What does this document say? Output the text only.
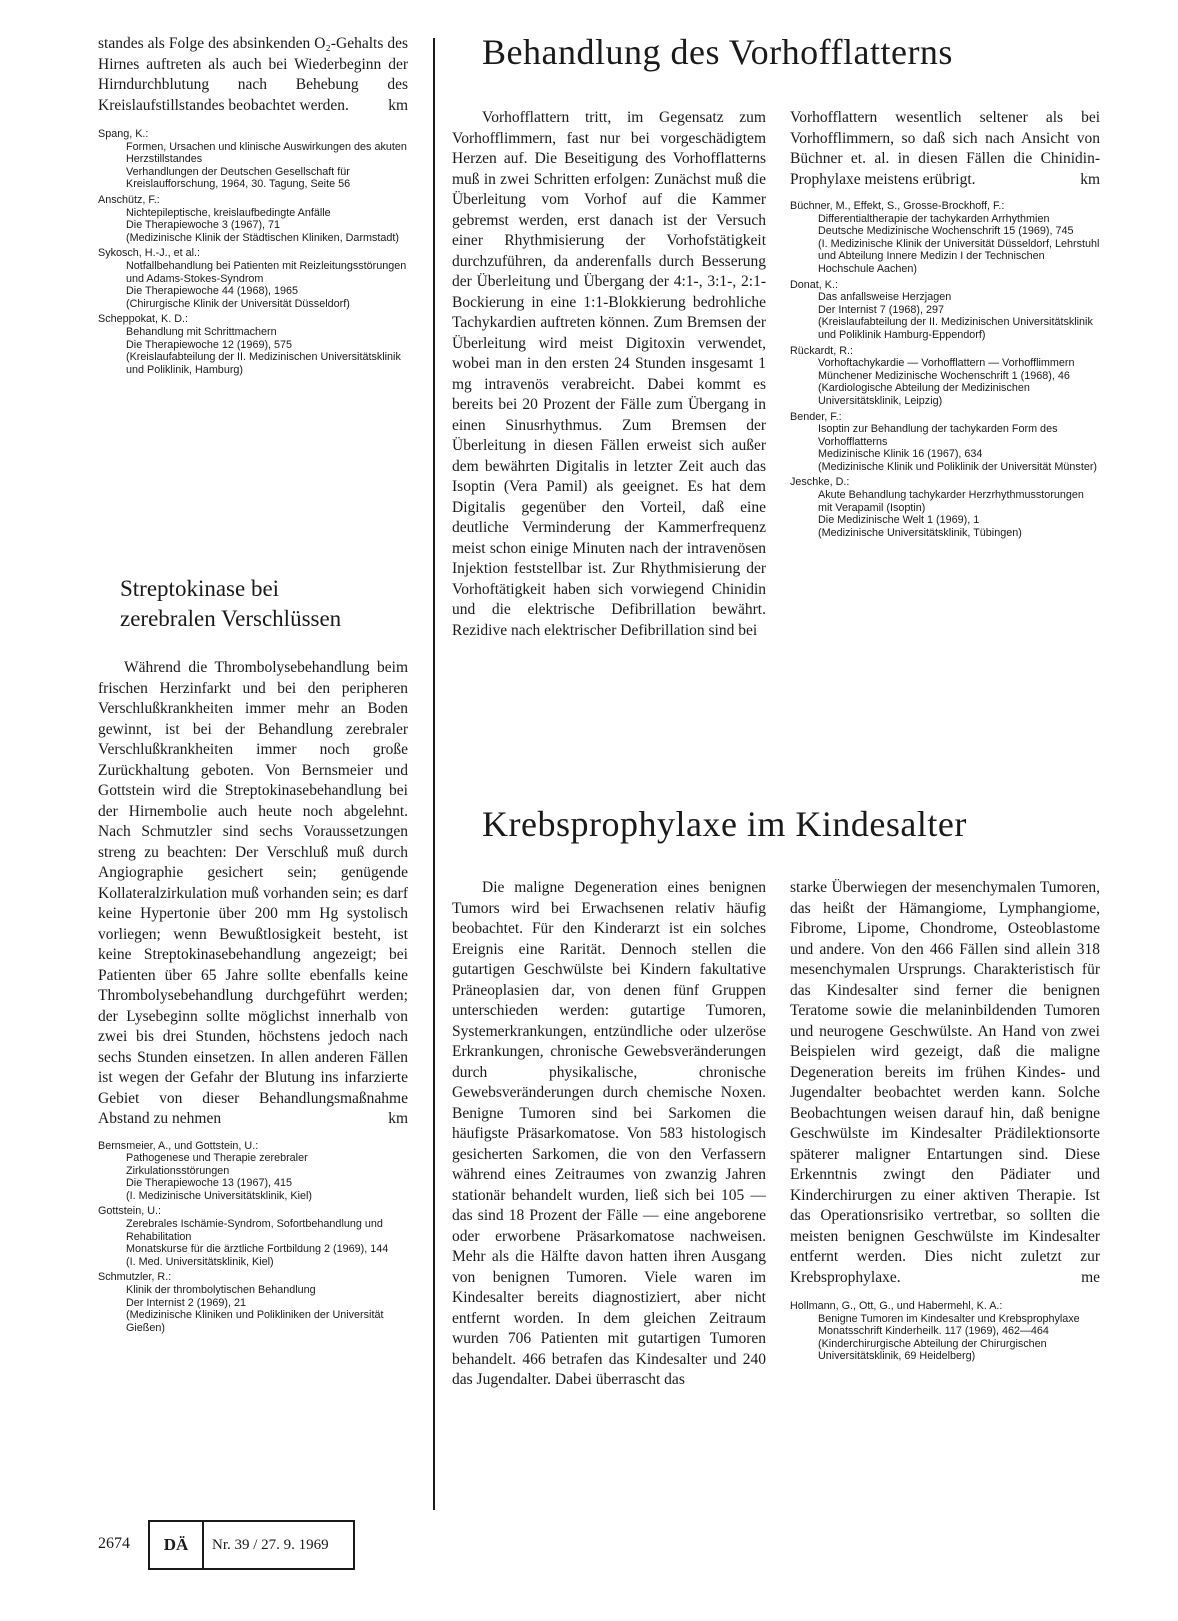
standes als Folge des absinkenden O₂-Gehalts des Hirnes auftreten als auch bei Wiederbeginn der Hirndurchblutung nach Behebung des Kreislaufstillstandes beobachtet werden.	km

Spang, K.:

Formen, Ursachen und klinische Auswirkungen des akuten Herzstillstandes

Verhandlungen der Deutschen Gesellschaft für Kreislaufforschung, 1964, 30. Tagung, Seite 56

Anschütz, F.:

Nichtepileptische, kreislaufbedingte Anfälle

Die Therapiewoche 3 (1967), 71

(Medizinische Klinik der Städtischen Kliniken, Darmstadt)

Sykosch, H.-J., et al.:

Notfallbehandlung bei Patienten mit Reizleitungsstörungen und Adams-Stokes-Syndrom

Die Therapiewoche 44 (1968), 1965

(Chirurgische Klinik der Universität Düsseldorf)

Scheppokat, K. D.:

Behandlung mit Schrittmachern

Die Therapiewoche 12 (1969), 575

(Kreislaufabteilung der II. Medizinischen Universitätsklinik und Poliklinik, Hamburg)

Streptokinase bei
zerebralen Verschlüssen

Während die Thrombolysebehandlung beim frischen Herzinfarkt und bei den peripheren Verschlußkrankheiten immer mehr an Boden gewinnt, ist bei der Behandlung zerebraler Verschlußkrankheiten immer noch große Zurückhaltung geboten. Von Bernsmeier und Gottstein wird die Streptokinasebehandlung bei der Hirnembolie auch heute noch abgelehnt. Nach Schmutzler sind sechs Voraussetzungen streng zu beachten: Der Verschluß muß durch Angiographie gesichert sein; genügende Kollateralzirkulation muß vorhanden sein; es darf keine Hypertonie über 200 mm Hg systolisch vorliegen; wenn Bewußtlosigkeit besteht, ist keine Streptokinasebehandlung angezeigt; bei Patienten über 65 Jahre sollte ebenfalls keine Thrombolysebehandlung durchgeführt werden; der Lysebeginn sollte möglichst innerhalb von zwei bis drei Stunden, höchstens jedoch nach sechs Stunden einsetzen. In allen anderen Fällen ist wegen der Gefahr der Blutung ins infarzierte Gebiet von dieser Behandlungsmaßnahme Abstand zu nehmen	km

Bernsmeier, A., und Gottstein, U.:

Pathogenese und Therapie zerebraler Zirkulationsstörungen

Die Therapiewoche 13 (1967), 415

(I. Medizinische Universitätsklinik, Kiel)

Gottstein, U.:

Zerebrales Ischämie-Syndrom, Sofortbehandlung und Rehabilitation

Monatskurse für die ärztliche Fortbildung 2 (1969), 144

(I. Med. Universitätsklinik, Kiel)

Schmutzler, R.:

Klinik der thrombolytischen Behandlung

Der Internist 2 (1969), 21

(Medizinische Kliniken und Polikliniken der Universität Gießen)

Behandlung des Vorhofflatterns

Vorhofflattern tritt, im Gegensatz zum Vorhofflimmern, fast nur bei vorgeschädigtem Herzen auf. Die Beseitigung des Vorhofflatterns muß in zwei Schritten erfolgen: Zunächst muß die Überleitung vom Vorhof auf die Kammer gebremst werden, erst danach ist der Versuch einer Rhythmisierung der Vorhofstätigkeit durchzuführen, da anderenfalls durch Besserung der Überleitung und Übergang der 4:1-, 3:1-, 2:1-Bockierung in eine 1:1-Blokkierung bedrohliche Tachykardien auftreten können. Zum Bremsen der Überleitung wird meist Digitoxin verwendet, wobei man in den ersten 24 Stunden insgesamt 1 mg intravenös verabreicht. Dabei kommt es bereits bei 20 Prozent der Fälle zum Übergang in einen Sinusrhythmus. Zum Bremsen der Überleitung in diesen Fällen erweist sich außer dem bewährten Digitalis in letzter Zeit auch das Isoptin (Vera Pamil) als geeignet. Es hat dem Digitalis gegenüber den Vorteil, daß eine deutliche Verminderung der Kammerfrequenz meist schon einige Minuten nach der intravenösen Injektion feststellbar ist. Zur Rhythmisierung der Vorhoftätigkeit haben sich vorwiegend Chinidin und die elektrische Defibrillation bewährt. Rezidive nach elektrischer Defibrillation sind bei

Vorhofflattern wesentlich seltener als bei Vorhofflimmern, so daß sich nach Ansicht von Büchner et. al. in diesen Fällen die Chinidin-Prophylaxe meistens erübrigt.	km

Büchner, M., Effekt, S., Grosse-Brockhoff, F.:

Differentialtherapie der tachykarden Arrhythmien

Deutsche Medizinische Wochenschrift 15 (1969), 745

(I. Medizinische Klinik der Universität Düsseldorf, Lehrstuhl und Abteilung Innere Medizin I der Technischen Hochschule Aachen)

Donat, K.:

Das anfallsweise Herzjagen

Der Internist 7 (1968), 297

(Kreislaufabteilung der II. Medizinischen Universitätsklinik und Poliklinik Hamburg-Eppendorf)

Rückardt, R.:

Vorhoftachykardie — Vorhofflattern — Vorhofflimmern

Münchener Medizinische Wochenschrift 1 (1968), 46

(Kardiologische Abteilung der Medizinischen Universitätsklinik, Leipzig)

Bender, F.:

Isoptin zur Behandlung der tachykarden Form des Vorhofflatterns

Medizinische Klinik 16 (1967), 634

(Medizinische Klinik und Poliklinik der Universität Münster)

Jeschke, D.:

Akute Behandlung tachykarder Herzrhythmusstorungen mit Verapamil (Isoptin)

Die Medizinische Welt 1 (1969), 1

(Medizinische Universitätsklinik, Tübingen)

Krebsprophylaxe im Kindesalter

Die maligne Degeneration eines benignen Tumors wird bei Erwachsenen relativ häufig beobachtet. Für den Kinderarzt ist ein solches Ereignis eine Rarität. Dennoch stellen die gutartigen Geschwülste bei Kindern fakultative Präneoplasien dar, von denen fünf Gruppen unterschieden werden: gutartige Tumoren, Systemerkrankungen, entzündliche oder ulzeröse Erkrankungen, chronische Gewebsveränderungen durch physikalische, chronische Gewebsveränderungen durch chemische Noxen. Benigne Tumoren sind bei Sarkomen die häufigste Präsarkomatose. Von 583 histologisch gesicherten Sarkomen, die von den Verfassern während eines Zeitraumes von zwanzig Jahren stationär behandelt wurden, ließ sich bei 105 — das sind 18 Prozent der Fälle — eine angeborene oder erworbene Präsarkomatose nachweisen. Mehr als die Hälfte davon hatten ihren Ausgang von benignen Tumoren. Viele waren im Kindesalter bereits diagnostiziert, aber nicht entfernt worden. In dem gleichen Zeitraum wurden 706 Patienten mit gutartigen Tumoren behandelt. 466 betrafen das Kindesalter und 240 das Jugendalter. Dabei überrascht das

starke Überwiegen der mesenchymalen Tumoren, das heißt der Hämangiome, Lymphangiome, Fibrome, Lipome, Chondrome, Osteoblastome und andere. Von den 466 Fällen sind allein 318 mesenchymalen Ursprungs. Charakteristisch für das Kindesalter sind ferner die benignen Teratome sowie die melaninbildenden Tumoren und neurogene Geschwülste. An Hand von zwei Beispielen wird gezeigt, daß die maligne Degeneration bereits im frühen Kindes- und Jugendalter beobachtet werden kann. Solche Beobachtungen weisen darauf hin, daß benigne Geschwülste im Kindesalter Prädilektionsorte späterer maligner Entartungen sind. Diese Erkenntnis zwingt den Pädiater und Kinderchirurgen zu einer aktiven Therapie. Ist das Operationsrisiko vertretbar, so sollten die meisten benignen Geschwülste im Kindesalter entfernt werden. Dies nicht zuletzt zur Krebsprophylaxe.	me

Hollmann, G., Ott, G., und Habermehl, K. A.:

Benigne Tumoren im Kindesalter und Krebsprophylaxe

Monatsschrift Kinderheilk. 117 (1969), 462—464

(Kinderchirurgische Abteilung der Chirurgischen Universitätsklinik, 69 Heidelberg)

2674	DÄ	Nr. 39 / 27. 9. 1969
